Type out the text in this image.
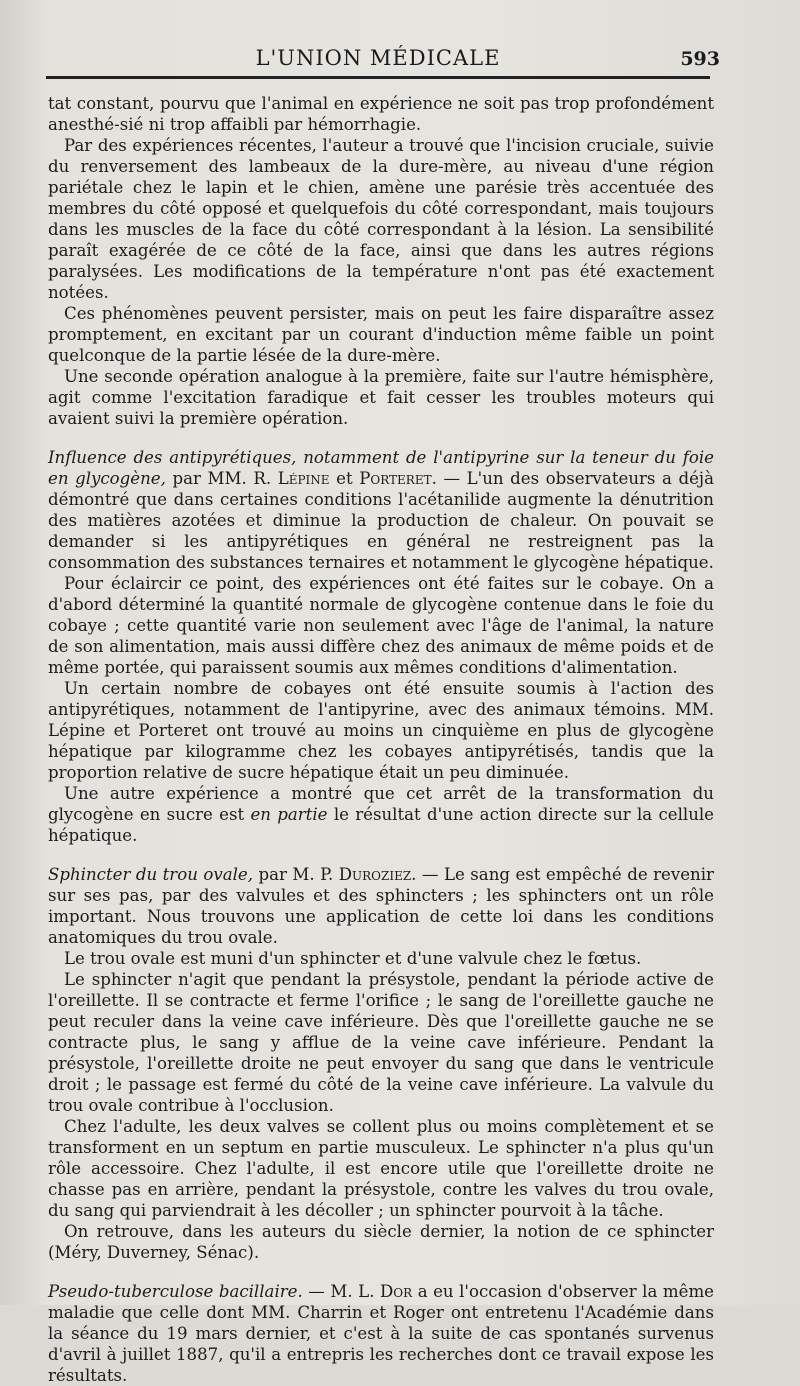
L'UNION MÉDICALE	593

tat constant, pourvu que l'animal en expérience ne soit pas trop profondément anesthé-sié ni trop affaibli par hémorrhagie.

Par des expériences récentes, l'auteur a trouvé que l'incision cruciale, suivie du renversement des lambeaux de la dure-mère, au niveau d'une région pariétale chez le lapin et le chien, amène une parésie très accentuée des membres du côté opposé et quelquefois du côté correspondant, mais toujours dans les muscles de la face du côté correspondant à la lésion. La sensibilité paraît exagérée de ce côté de la face, ainsi que dans les autres régions paralysées. Les modifications de la température n'ont pas été exactement notées.

Ces phénomènes peuvent persister, mais on peut les faire disparaître assez promptement, en excitant par un courant d'induction même faible un point quelconque de la partie lésée de la dure-mère.

Une seconde opération analogue à la première, faite sur l'autre hémisphère, agit comme l'excitation faradique et fait cesser les troubles moteurs qui avaient suivi la première opération.

Influence des antipyrétiques, notamment de l'antipyrine sur la teneur du foie en glycogène, par MM. R. Lépine et Porteret. — L'un des observateurs a déjà démontré que dans certaines conditions l'acétanilide augmente la dénutrition des matières azotées et diminue la production de chaleur. On pouvait se demander si les antipyrétiques en général ne restreignent pas la consommation des substances ternaires et notamment le glycogène hépatique.

Pour éclaircir ce point, des expériences ont été faites sur le cobaye. On a d'abord déterminé la quantité normale de glycogène contenue dans le foie du cobaye ; cette quantité varie non seulement avec l'âge de l'animal, la nature de son alimentation, mais aussi diffère chez des animaux de même poids et de même portée, qui paraissent soumis aux mêmes conditions d'alimentation.

Un certain nombre de cobayes ont été ensuite soumis à l'action des antipyrétiques, notamment de l'antipyrine, avec des animaux témoins. MM. Lépine et Porteret ont trouvé au moins un cinquième en plus de glycogène hépatique par kilogramme chez les cobayes antipyrétisés, tandis que la proportion relative de sucre hépatique était un peu diminuée.

Une autre expérience a montré que cet arrêt de la transformation du glycogène en sucre est en partie le résultat d'une action directe sur la cellule hépatique.

Sphincter du trou ovale, par M. P. Duroziez. — Le sang est empêché de revenir sur ses pas, par des valvules et des sphincters ; les sphincters ont un rôle important. Nous trouvons une application de cette loi dans les conditions anatomiques du trou ovale.

Le trou ovale est muni d'un sphincter et d'une valvule chez le fœtus.

Le sphincter n'agit que pendant la présystole, pendant la période active de l'oreillette. Il se contracte et ferme l'orifice ; le sang de l'oreillette gauche ne peut reculer dans la veine cave inférieure. Dès que l'oreillette gauche ne se contracte plus, le sang y afflue de la veine cave inférieure. Pendant la présystole, l'oreillette droite ne peut envoyer du sang que dans le ventricule droit ; le passage est fermé du côté de la veine cave inférieure. La valvule du trou ovale contribue à l'occlusion.

Chez l'adulte, les deux valves se collent plus ou moins complètement et se transforment en un septum en partie musculeux. Le sphincter n'a plus qu'un rôle accessoire. Chez l'adulte, il est encore utile que l'oreillette droite ne chasse pas en arrière, pendant la présystole, contre les valves du trou ovale, du sang qui parviendrait à les décoller ; un sphincter pourvoit à la tâche.

On retrouve, dans les auteurs du siècle dernier, la notion de ce sphincter (Méry, Duverney, Sénac).

Pseudo-tuberculose bacillaire. — M. L. Dor a eu l'occasion d'observer la même maladie que celle dont MM. Charrin et Roger ont entretenu l'Académie dans la séance du 19 mars dernier, et c'est à la suite de cas spontanés survenus d'avril à juillet 1887, qu'il a entrepris les recherches dont ce travail expose les résultats.
